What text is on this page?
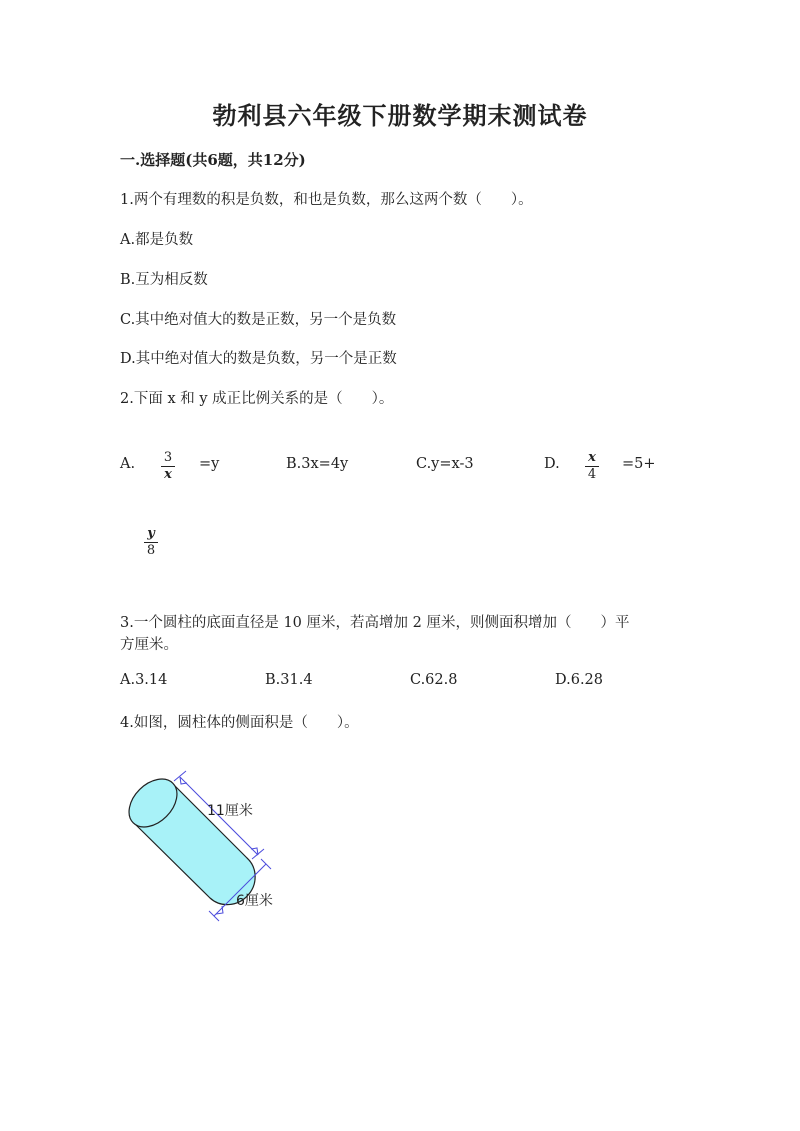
勃利县六年级下册数学期末测试卷
一.选择题(共6题，共12分)
1.两个有理数的积是负数，和也是负数，那么这两个数（　　）。
A.都是负数
B.互为相反数
C.其中绝对值大的数是正数，另一个是负数
D.其中绝对值大的数是负数，另一个是正数
2.下面 x 和 y 成正比例关系的是（　　）。
A. $\frac{3}{x} =y$	B.3x=4y	C.y=x-3	D. $\frac{x}{4} =5+$
$\frac{y}{8}$
3.一个圆柱的底面直径是 10 厘米，若高增加 2 厘米，则侧面积增加（　　）平
方厘米。
A.3.14	B.31.4	C.62.8	D.6.28
4.如图，圆柱体的侧面积是（　　）。
11厘米
6厘米
